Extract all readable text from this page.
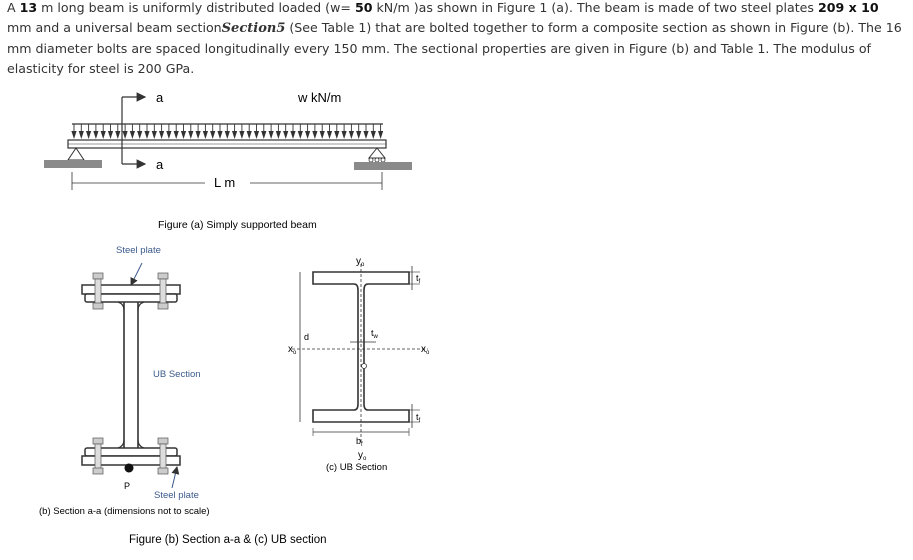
A 13 m long beam is uniformly distributed loaded (w= 50 kN/m )as shown in Figure 1 (a). The beam is made of two steel plates 209 x 10 mm and a universal beam sectionSection5 (See Table 1) that are bolted together to form a composite section as shown in Figure (b). The 16 mm diameter bolts are spaced longitudinally every 150 mm. The sectional properties are given in Figure (b) and Table 1. The modulus of elasticity for steel is 200 GPa.
a
a
w kN/m
L m
Figure (a) Simply supported beam
Steel plate
UB Section
P
Steel plate
(b) Section a-a (dimensions not to scale)
$y_o$
$y_o$
$x_o$	$x_o$
d	$t_w$
$t_f$
$t_f$
$b_f$
(c) UB Section
Figure (b) Section a-a & (c) UB section
